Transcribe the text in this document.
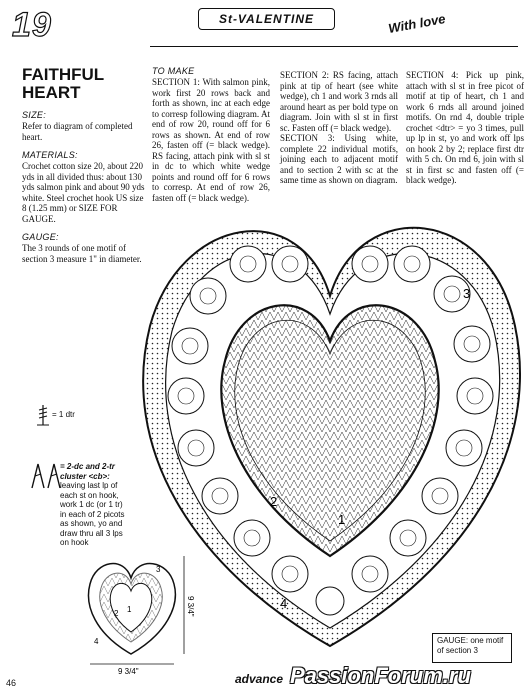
19	St-VALENTINE	With love
FAITHFUL HEART
SIZE:
Refer to diagram of completed heart.
MATERIALS:
Crochet cotton size 20, about 220 yds in all divided thus: about 130 yds salmon pink and about 90 yds white. Steel crochet hook US size 8 (1.25 mm) or SIZE FOR GAUGE.
GAUGE:
The 3 rounds of one motif of section 3 measure 1" in diameter.
TO MAKE
SECTION 1: With salmon pink, work first 20 rows back and forth as shown, inc at each edge to corresp following diagram. At end of row 20, round off for 6 rows as shown. At end of row 26, fasten off (= black wedge). RS facing, attach pink with sl st in dc to which white wedge points and round off for 6 rows to corresp. At end of row 26, fasten off (= black wedge).
SECTION 2: RS facing, attach pink at tip of heart (see white wedge), ch 1 and work 3 rnds all around heart as per bold type on diagram. Join with sl st in first sc. Fasten off (= black wedge).
SECTION 3: Using white, complete 22 individual motifs, joining each to adjacent motif and to section 2 with sc at the same time as shown on diagram.
SECTION 4: Pick up pink, attach with sl st in free picot of motif at tip of heart, ch 1 and work 6 rnds all around joined motifs. On rnd 4, double triple crochet <dtr> = yo 3 times, pull up lp in st, yo and work off lps on hook 2 by 2; replace first dtr with 5 ch. On rnd 6, join with sl st in first sc and fasten off (= black wedge).
= 1 dtr
= 2-dc and 2-tr cluster <cb>:
leaving last lp of each st on hook, work 1 dc (or 1 tr) in each of 2 picots as shown, yo and draw thru all 3 lps on hook
1
2
3
4
9 3/4"
9 3/4"
1
2
3
4	GAUGE: one motif of section 3
46	advance PassionForum.ru
